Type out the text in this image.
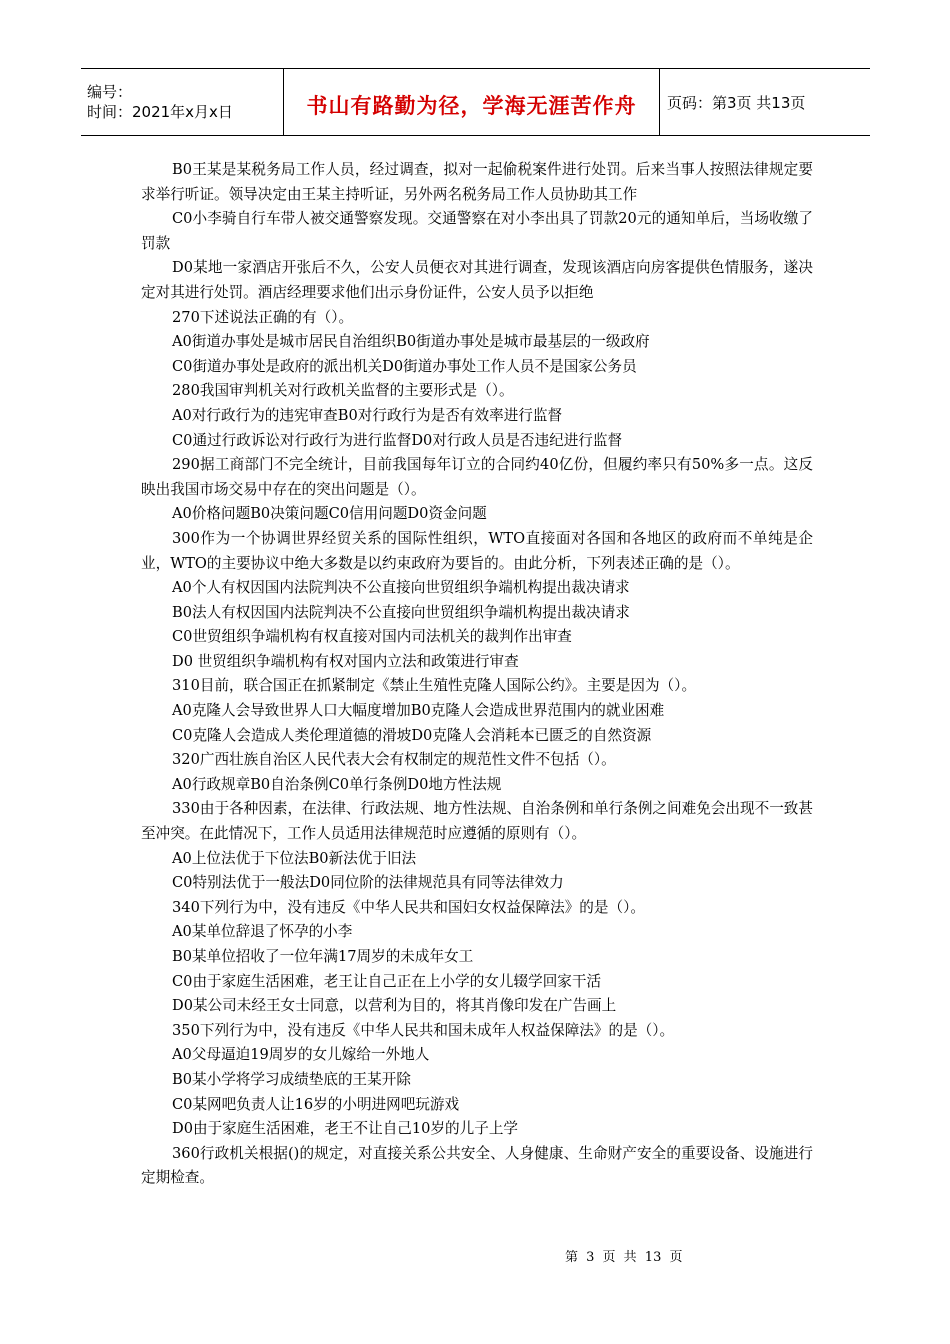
编号：
时间：2021年x月x日	书山有路勤为径，学海无涯苦作舟 页码：第3页 共13页

B0王某是某税务局工作人员，经过调查，拟对一起偷税案件进行处罚。后来当事人按照法律规定要求举行听证。领导决定由王某主持听证，另外两名税务局工作人员协助其工作

C0小李骑自行车带人被交通警察发现。交通警察在对小李出具了罚款20元的通知单后，当场收缴了罚款

D0某地一家酒店开张后不久，公安人员便衣对其进行调查，发现该酒店向房客提供色情服务，遂决定对其进行处罚。酒店经理要求他们出示身份证件，公安人员予以拒绝

270下述说法正确的有（）。

A0街道办事处是城市居民自治组织B0街道办事处是城市最基层的一级政府

C0街道办事处是政府的派出机关D0街道办事处工作人员不是国家公务员

280我国审判机关对行政机关监督的主要形式是（）。

A0对行政行为的违宪审查B0对行政行为是否有效率进行监督

C0通过行政诉讼对行政行为进行监督D0对行政人员是否违纪进行监督

290据工商部门不完全统计，目前我国每年订立的合同约40亿份，但履约率只有50%多一点。这反映出我国市场交易中存在的突出问题是（）。

A0价格问题B0决策问题C0信用问题D0资金问题

300作为一个协调世界经贸关系的国际性组织，WTO直接面对各国和各地区的政府而不单纯是企业，WTO的主要协议中绝大多数是以约束政府为要旨的。由此分析，下列表述正确的是（）。

A0个人有权因国内法院判决不公直接向世贸组织争端机构提出裁决请求

B0法人有权因国内法院判决不公直接向世贸组织争端机构提出裁决请求

C0世贸组织争端机构有权直接对国内司法机关的裁判作出审查

D0 世贸组织争端机构有权对国内立法和政策进行审查

310目前，联合国正在抓紧制定《禁止生殖性克隆人国际公约》。主要是因为（）。

A0克隆人会导致世界人口大幅度增加B0克隆人会造成世界范围内的就业困难

C0克隆人会造成人类伦理道德的滑坡D0克隆人会消耗本已匮乏的自然资源

320广西壮族自治区人民代表大会有权制定的规范性文件不包括（）。

A0行政规章B0自治条例C0单行条例D0地方性法规

330由于各种因素，在法律、行政法规、地方性法规、自治条例和单行条例之间难免会出现不一致甚至冲突。在此情况下，工作人员适用法律规范时应遵循的原则有（）。

A0上位法优于下位法B0新法优于旧法

C0特别法优于一般法D0同位阶的法律规范具有同等法律效力

340下列行为中，没有违反《中华人民共和国妇女权益保障法》的是（）。

A0某单位辞退了怀孕的小李

B0某单位招收了一位年满17周岁的未成年女工

C0由于家庭生活困难，老王让自己正在上小学的女儿辍学回家干活

D0某公司未经王女士同意，以营利为目的，将其肖像印发在广告画上

350下列行为中，没有违反《中华人民共和国未成年人权益保障法》的是（）。

A0父母逼迫19周岁的女儿嫁给一外地人

B0某小学将学习成绩垫底的王某开除

C0某网吧负责人让16岁的小明进网吧玩游戏

D0由于家庭生活困难，老王不让自己10岁的儿子上学

360行政机关根据()的规定，对直接关系公共安全、人身健康、生命财产安全的重要设备、设施进行定期检查。

第 3 页 共 13 页
